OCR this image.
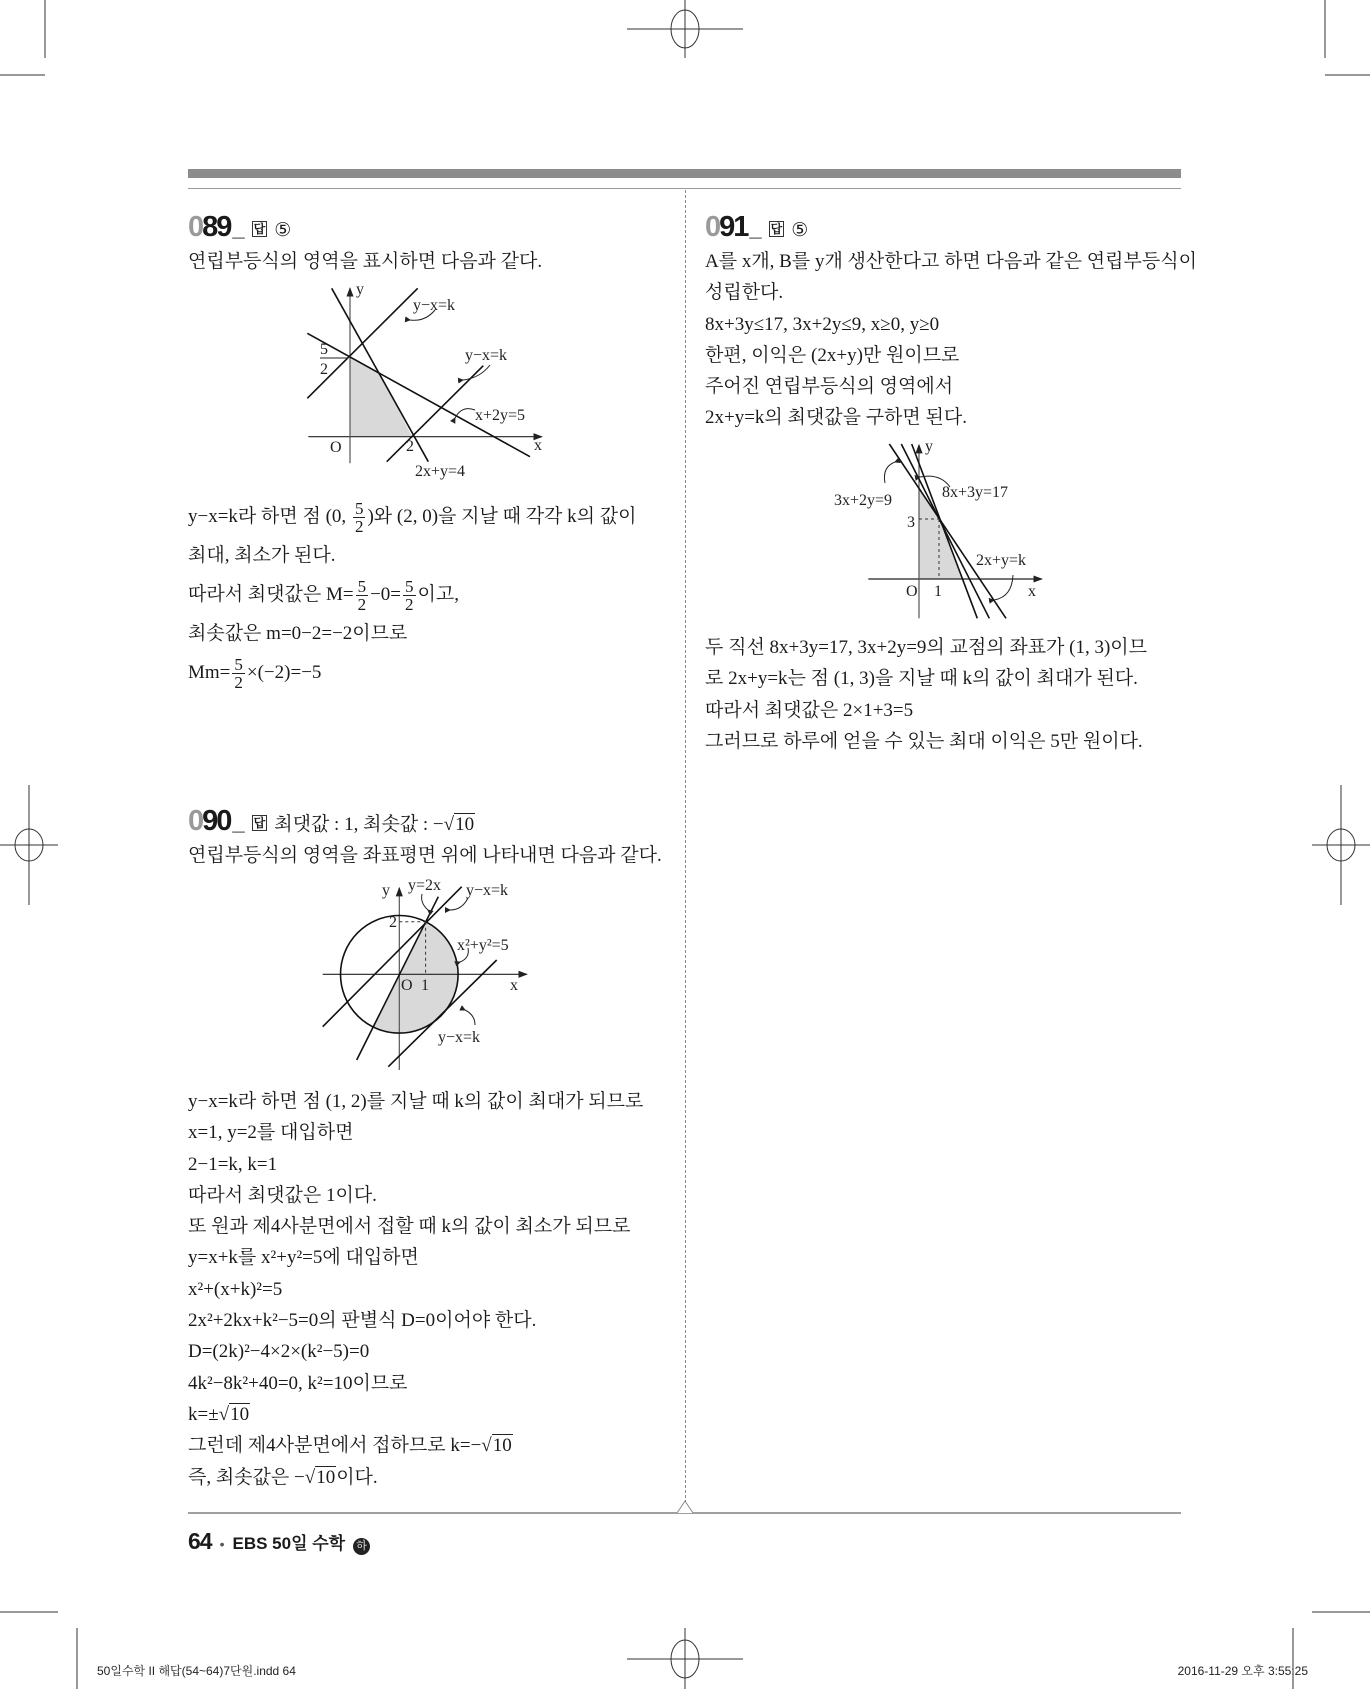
089 _ 답 ⑤
연립부등식의 영역을 표시하면 다음과 같다.
y
x
O	2
5
2
y−x=k
y−x=k
x+2y=5
2x+y=4
y−x=k라 하면 점 (0, $\frac{5}{2}$ )와 (2, 0)을 지날 때 각각 k의 값이
최대, 최소가 된다.
따라서 최댓값은 $M= \frac{5}{2} -0= \frac{5}{2}$ 이고,
최솟값은 m=0−2=−2이므로
$Mm= \frac{5}{2} \times(-2)=-5$
090 _ 답 최댓값 : 1, 최솟값 : −√10
연립부등식의 영역을 좌표평면 위에 나타내면 다음과 같다.
y y=2x y−x=k
2
x²+y²=5
O 1	x
y−x=k
y−x=k라 하면 점 (1, 2)를 지날 때 k의 값이 최대가 되므로
x=1, y=2를 대입하면
2−1=k, k=1
따라서 최댓값은 1이다.
또 원과 제4사분면에서 접할 때 k의 값이 최소가 되므로
y=x+k를 x²+y²=5에 대입하면
x²+(x+k)²=5
2x²+2kx+k²−5=0의 판별식 D=0이어야 한다.
D=(2k)²−4×2×(k²−5)=0
4k²−8k²+40=0, k²=10이므로
k=±√10
그런데 제4사분면에서 접하므로 k=−√10
즉, 최솟값은 −√10이다.
091 _ 답 ⑤
A를 x개, B를 y개 생산한다고 하면 다음과 같은 연립부등식이
성립한다.
8x+3y≤17, 3x+2y≤9, x≥0, y≥0
한편, 이익은 (2x+y)만 원이므로
주어진 연립부등식의 영역에서
2x+y=k의 최댓값을 구하면 된다.
y
3x+2y=9	8x+3y=17
3
2x+y=k
O 1	x
두 직선 8x+3y=17, 3x+2y=9의 교점의 좌표가 (1, 3)이므
로 2x+y=k는 점 (1, 3)을 지날 때 k의 값이 최대가 된다.
따라서 최댓값은 2×1+3=5
그러므로 하루에 얻을 수 있는 최대 이익은 5만 원이다.
64 • EBS 50일 수학 하
50일수학 II 해답(54~64)7단원.indd 64	2016-11-29 오후 3:55:25
